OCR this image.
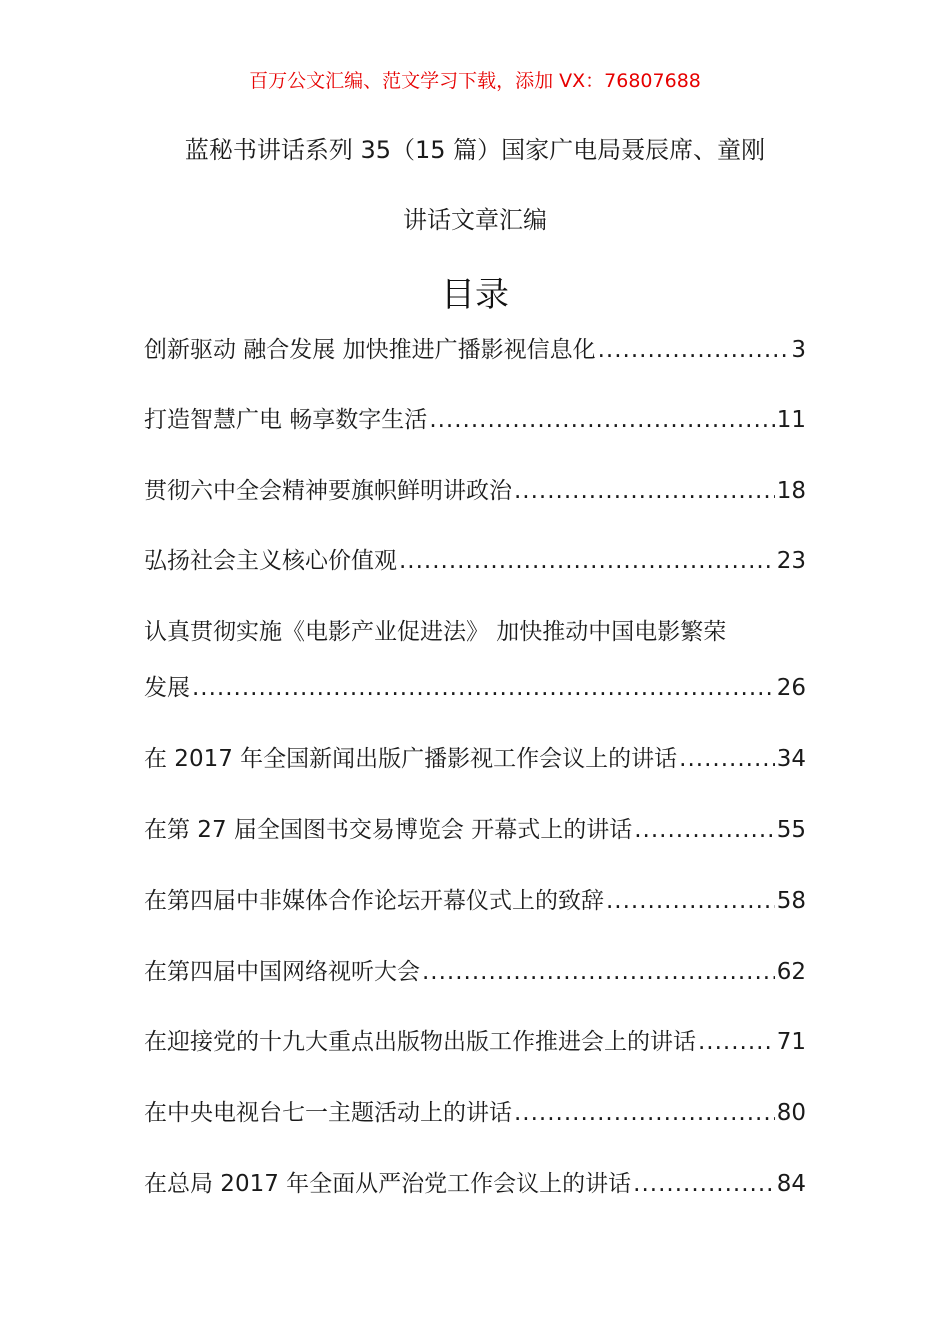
百万公文汇编、范文学习下载，添加 VX：76807688
蓝秘书讲话系列 35（15 篇）国家广电局聂辰席、童刚
讲话文章汇编
目录
创新驱动 融合发展 加快推进广播影视信息化 .....	3
打造智慧广电 畅享数字生活 .....	11
贯彻六中全会精神要旗帜鲜明讲政治 .....	18
弘扬社会主义核心价值观 .....	23
认真贯彻实施《电影产业促进法》 加快推动中国电影繁荣
发展 .....	26
在 2017 年全国新闻出版广播影视工作会议上的讲话 .....	34
在第 27 届全国图书交易博览会 开幕式上的讲话 .....	55
在第四届中非媒体合作论坛开幕仪式上的致辞 .....	58
在第四届中国网络视听大会 .....	62
在迎接党的十九大重点出版物出版工作推进会上的讲话 .....	71
在中央电视台七一主题活动上的讲话 .....	80
在总局 2017 年全面从严治党工作会议上的讲话 .....	84
